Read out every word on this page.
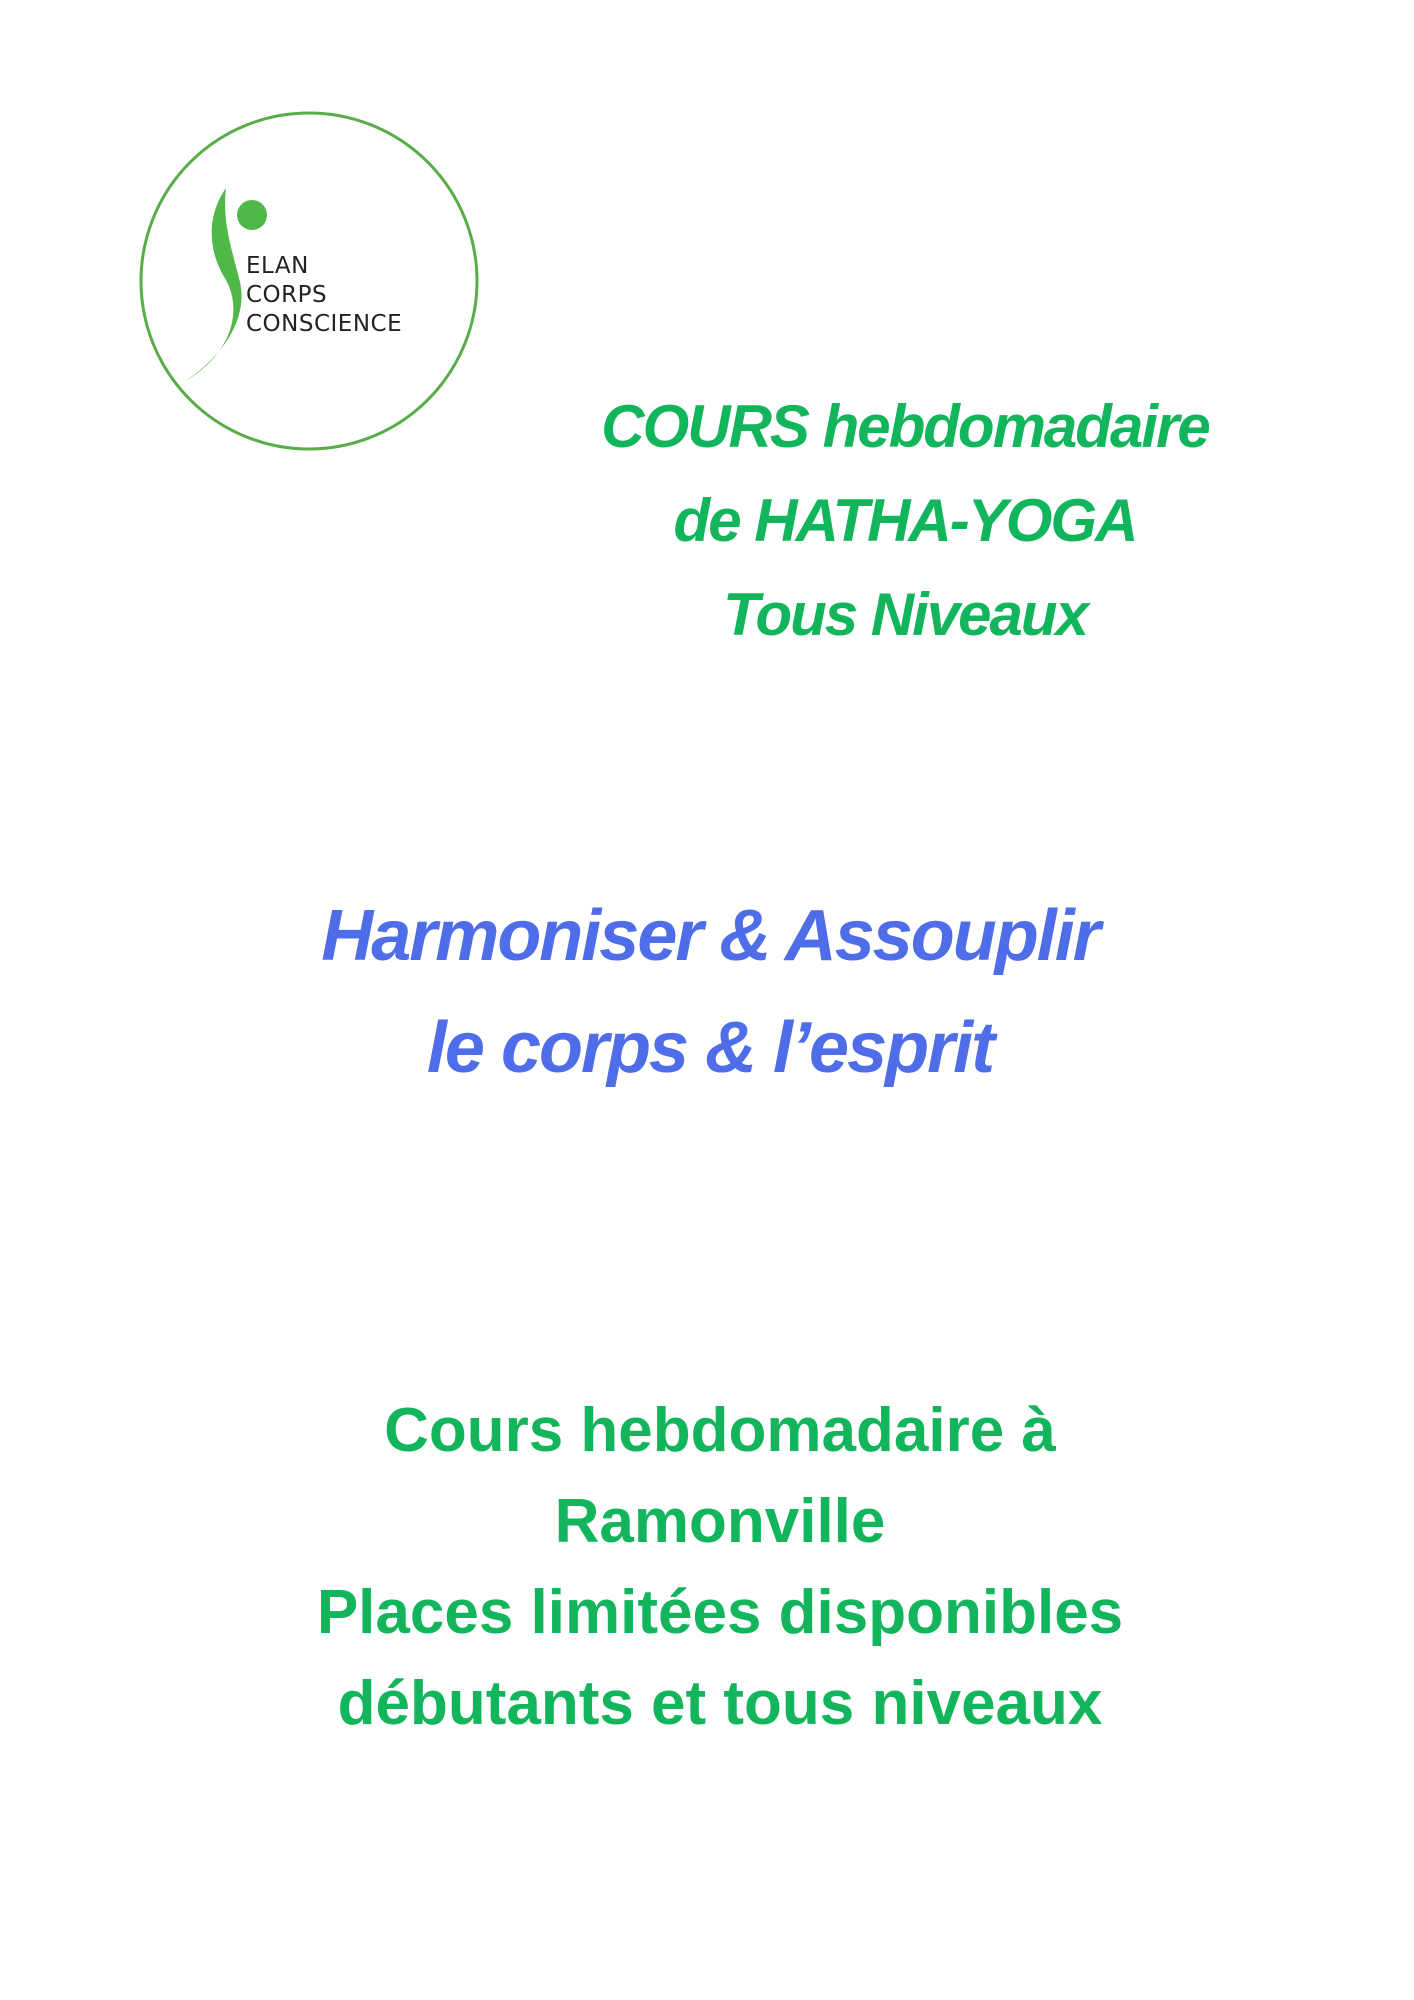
ELAN
CORPS
CONSCIENCE
COURS hebdomadaire
de HATHA-YOGA
Tous Niveaux
Harmoniser & Assouplir
le corps & l’esprit
Cours hebdomadaire à
Ramonville
Places limitées disponibles
débutants et tous niveaux
